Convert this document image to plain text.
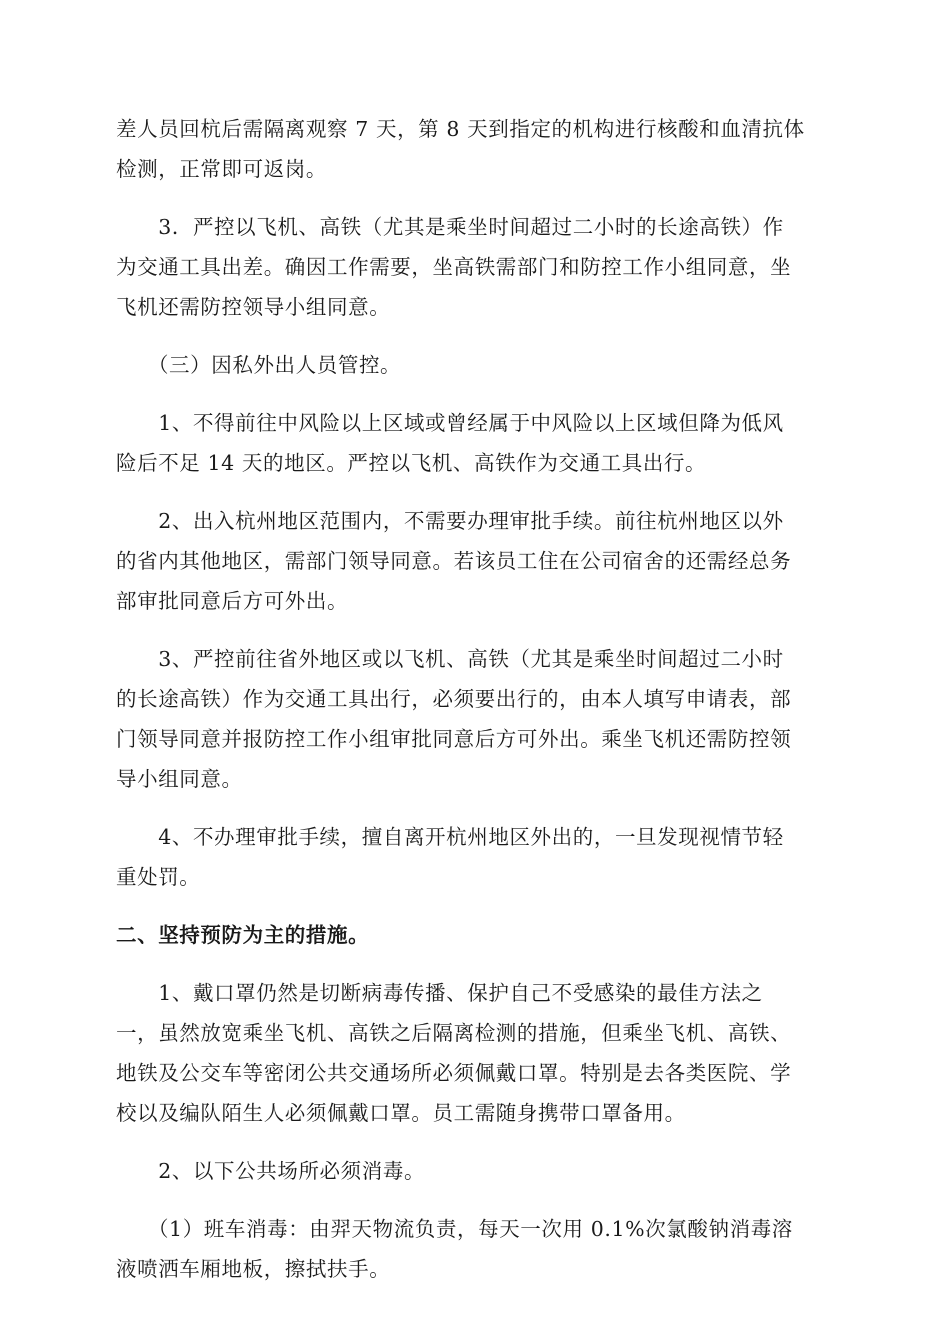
差人员回杭后需隔离观察 7 天，第 8 天到指定的机构进行核酸和血清抗体
检测，正常即可返岗。

　　3．严控以飞机、高铁（尤其是乘坐时间超过二小时的长途高铁）作
为交通工具出差。确因工作需要，坐高铁需部门和防控工作小组同意，坐
飞机还需防控领导小组同意。

　　（三）因私外出人员管控。

　　1、不得前往中风险以上区域或曾经属于中风险以上区域但降为低风
险后不足 14 天的地区。严控以飞机、高铁作为交通工具出行。

　　2、出入杭州地区范围内，不需要办理审批手续。前往杭州地区以外
的省内其他地区，需部门领导同意。若该员工住在公司宿舍的还需经总务
部审批同意后方可外出。

　　3、严控前往省外地区或以飞机、高铁（尤其是乘坐时间超过二小时
的长途高铁）作为交通工具出行，必须要出行的，由本人填写申请表，部
门领导同意并报防控工作小组审批同意后方可外出。乘坐飞机还需防控领
导小组同意。

　　4、不办理审批手续，擅自离开杭州地区外出的，一旦发现视情节轻
重处罚。

二、坚持预防为主的措施。

　　1、戴口罩仍然是切断病毒传播、保护自己不受感染的最佳方法之
一，虽然放宽乘坐飞机、高铁之后隔离检测的措施，但乘坐飞机、高铁、
地铁及公交车等密闭公共交通场所必须佩戴口罩。特别是去各类医院、学
校以及编队陌生人必须佩戴口罩。员工需随身携带口罩备用。

　　2、以下公共场所必须消毒。

　　（1）班车消毒：由羿天物流负责，每天一次用 0.1%次氯酸钠消毒溶
液喷洒车厢地板，擦拭扶手。
